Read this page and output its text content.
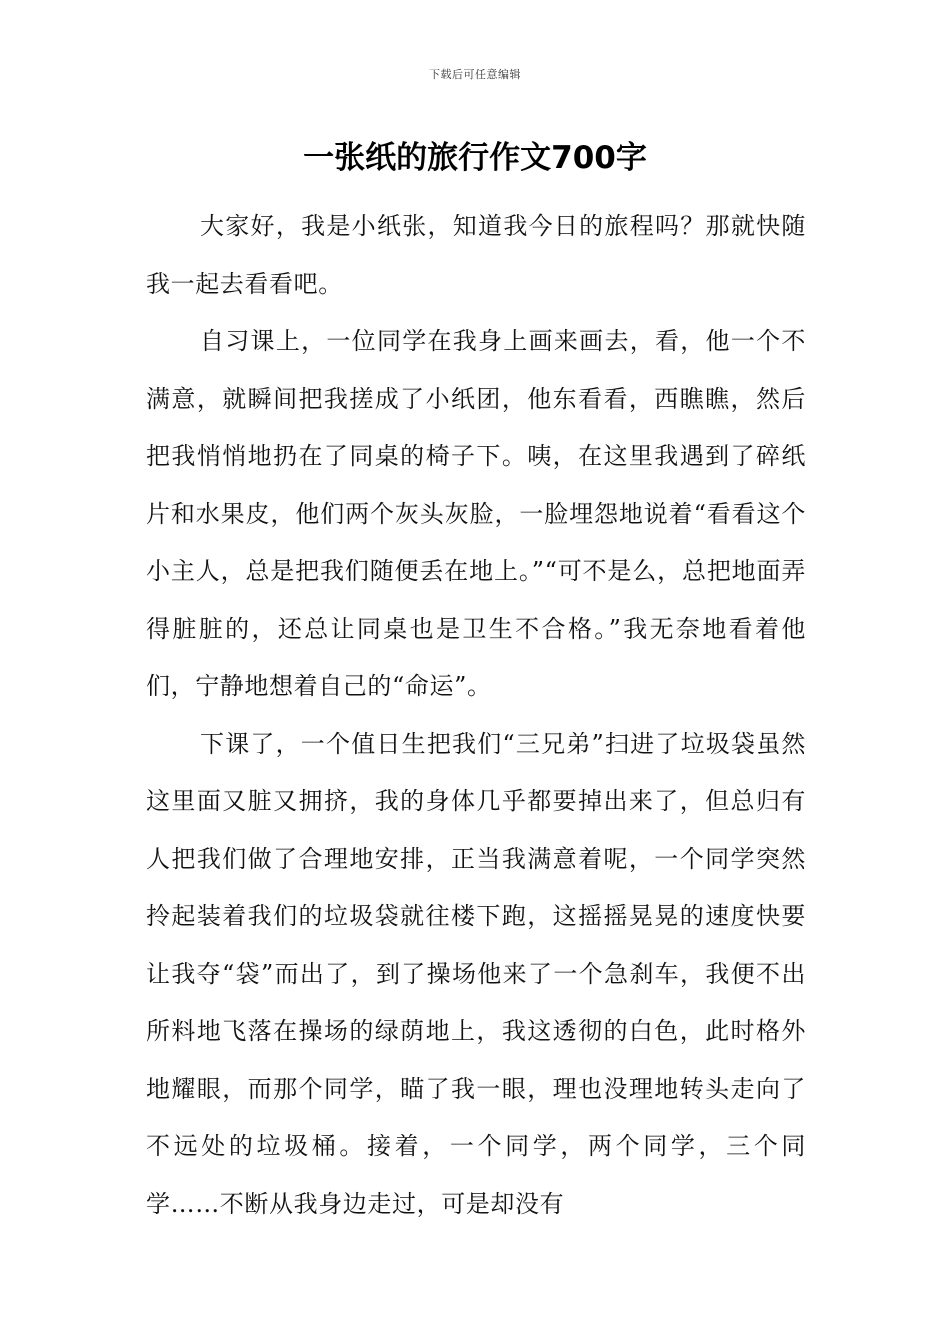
下载后可任意编辑
一张纸的旅行作文700字

大家好，我是小纸张，知道我今日的旅程吗？那就快随我一起去看看吧。

自习课上，一位同学在我身上画来画去，看，他一个不满意，就瞬间把我搓成了小纸团，他东看看，西瞧瞧，然后把我悄悄地扔在了同桌的椅子下。咦，在这里我遇到了碎纸片和水果皮，他们两个灰头灰脸，一脸埋怨地说着“看看这个小主人，总是把我们随便丢在地上。”“可不是么，总把地面弄得脏脏的，还总让同桌也是卫生不合格。”我无奈地看着他们，宁静地想着自己的“命运”。

下课了，一个值日生把我们“三兄弟”扫进了垃圾袋虽然这里面又脏又拥挤，我的身体几乎都要掉出来了，但总归有人把我们做了合理地安排，正当我满意着呢，一个同学突然拎起装着我们的垃圾袋就往楼下跑，这摇摇晃晃的速度快要让我夺“袋”而出了，到了操场他来了一个急刹车，我便不出所料地飞落在操场的绿荫地上，我这透彻的白色，此时格外地耀眼，而那个同学，瞄了我一眼，理也没理地转头走向了不远处的垃圾桶。接着，一个同学，两个同学，三个同学……不断从我身边走过，可是却没有
